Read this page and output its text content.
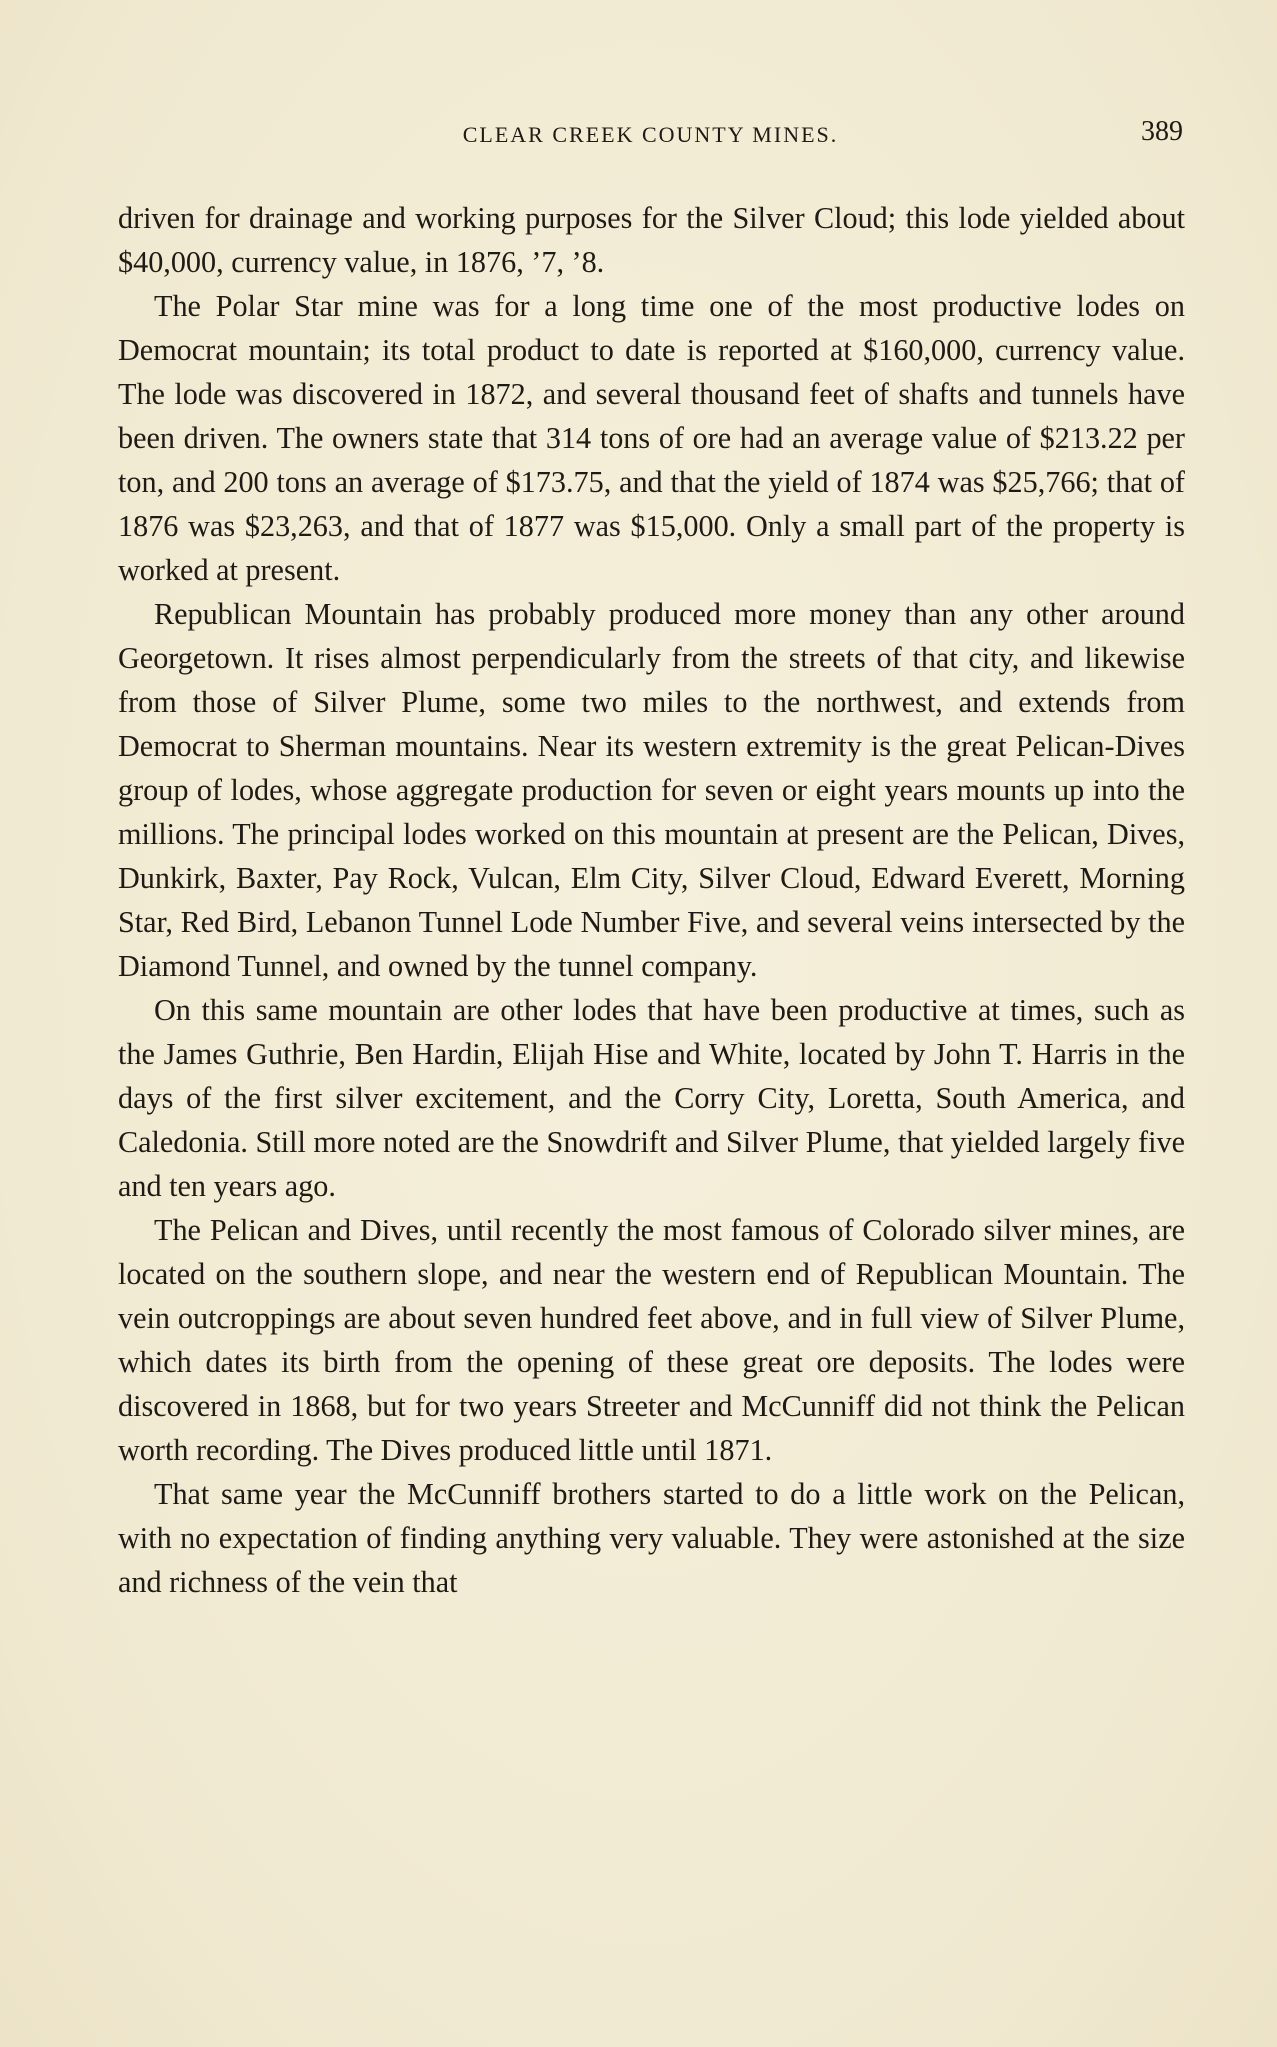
CLEAR CREEK COUNTY MINES.	389

driven for drainage and working purposes for the Silver Cloud; this lode yielded about $40,000, currency value, in 1876, ’7, ’8.

The Polar Star mine was for a long time one of the most productive lodes on Democrat mountain; its total product to date is reported at $160,000, currency value. The lode was discovered in 1872, and several thousand feet of shafts and tunnels have been driven. The owners state that 314 tons of ore had an average value of $213.22 per ton, and 200 tons an average of $173.75, and that the yield of 1874 was $25,766; that of 1876 was $23,263, and that of 1877 was $15,000. Only a small part of the property is worked at present.

Republican Mountain has probably produced more money than any other around Georgetown. It rises almost perpendicularly from the streets of that city, and likewise from those of Silver Plume, some two miles to the northwest, and extends from Democrat to Sherman mountains. Near its western extremity is the great Pelican-Dives group of lodes, whose aggregate production for seven or eight years mounts up into the millions. The principal lodes worked on this mountain at present are the Pelican, Dives, Dunkirk, Baxter, Pay Rock, Vulcan, Elm City, Silver Cloud, Edward Everett, Morning Star, Red Bird, Lebanon Tunnel Lode Number Five, and several veins intersected by the Diamond Tunnel, and owned by the tunnel company.

On this same mountain are other lodes that have been productive at times, such as the James Guthrie, Ben Hardin, Elijah Hise and White, located by John T. Harris in the days of the first silver excitement, and the Corry City, Loretta, South America, and Caledonia. Still more noted are the Snowdrift and Silver Plume, that yielded largely five and ten years ago.

The Pelican and Dives, until recently the most famous of Colorado silver mines, are located on the southern slope, and near the western end of Republican Mountain. The vein outcroppings are about seven hundred feet above, and in full view of Silver Plume, which dates its birth from the opening of these great ore deposits. The lodes were discovered in 1868, but for two years Streeter and McCunniff did not think the Pelican worth recording. The Dives produced little until 1871.

That same year the McCunniff brothers started to do a little work on the Pelican, with no expectation of finding anything very valuable. They were astonished at the size and richness of the vein that
